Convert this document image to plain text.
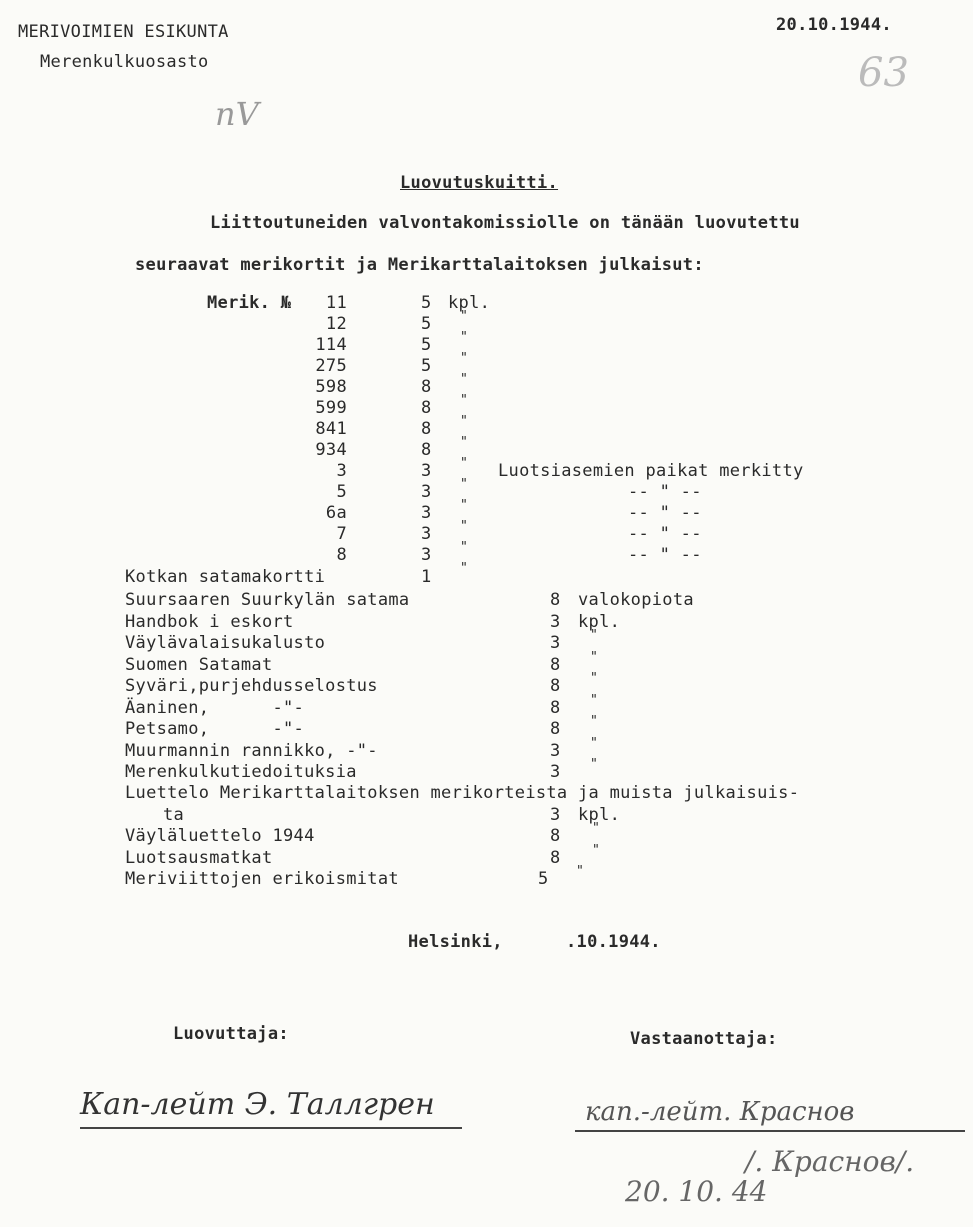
MERIVOIMIEN ESIKUNTA
Merenkulkuosasto
20.10.1944.
63
nV
Luovutuskuitti.
Liittoutuneiden valvontakomissiolle on tänään luovutettu
seuraavat merikortit ja Merikarttalaitoksen julkaisut:
Merik. № 11	5 kpl.
12	5 "
114	5 "
275	5 "
598	8 "
599	8 "
841	8 "
934	8 "
3	3 " Luotsiasemien paikat merkitty
5	3 "	-- " --
6a	3 "	-- " --
7	3 "	-- " --
8	3 "	-- " --
Kotkan satamakortti	1 "
Suursaaren Suurkylän satama	8 valokopiota
Handbok i eskort	3 kpl.
Väylävalaisukalusto	3 "
Suomen Satamat	8 "
Syväri,purjehdusselostus	8 "
Äaninen,      -"-	8 "
Petsamo,      -"-	8 "
Muurmannin rannikko, -"-	3 "
Merenkulkutiedoituksia	3 "
Luettelo Merikarttalaitoksen merikorteista ja muista julkaisuis-
ta	3 kpl.
Väyläluettelo 1944	8 "
Luotsausmatkat	8 "
Meriviittojen erikoismitat	5 "
Helsinki,      .10.1944.
Luovuttaja:	Vastaanottaja:
Кап-лейт Э. Таллгрен	кап.-лейт. Краснов
/. Краснов/.
20. 10. 44
